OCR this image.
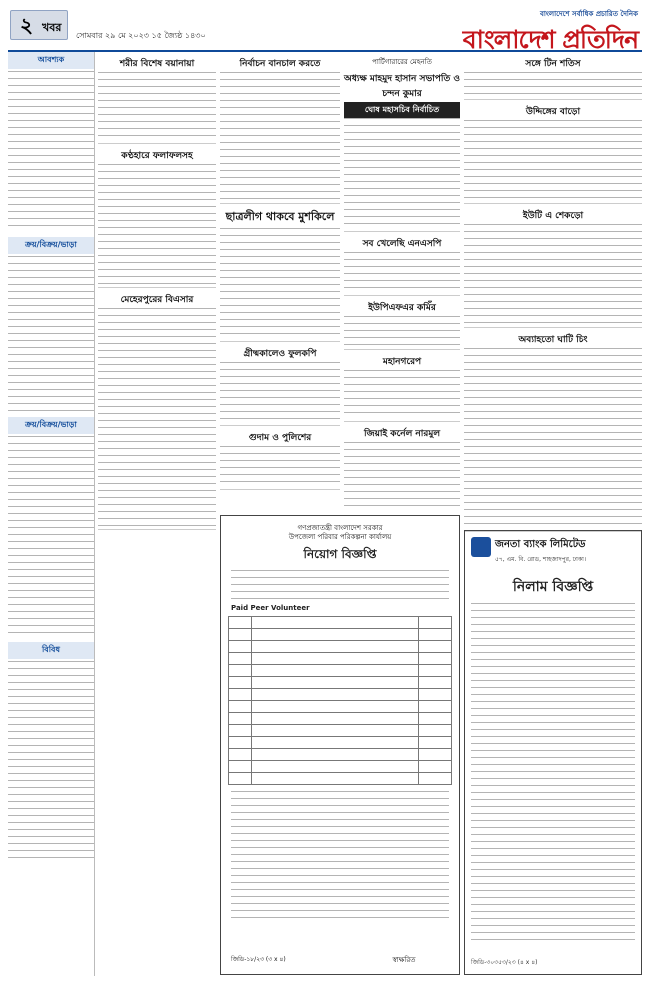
২ খবর
সোমবার ২৯ মে ২০২৩ ১৫ জ্যৈষ্ঠ ১৪৩০
বাংলাদেশে সর্বাধিক প্রচারিত দৈনিক
বাংলাদেশ প্রতিদিন
আবশ্যক
ক্রয়/বিক্রয়/ভাড়া
ক্রয়/বিক্রয়/ভাড়া
বিবিধ
শরীর বিশেষ বয়ানায়া
কণ্ঠহারে ফলাফলসহ
মেহেরপুরের বিএসার
নির্বাচন বানচাল করতে
ছাত্রলীগ থাকবে মুশকিলে
গ্রীষ্মকালেও ফুলকপি
গুদাম ও পুলিশের
পার্টিগারারের মেহনতি
অধ্যক্ষ মাহমুদ হাসান সভাপতি ও চন্দন কুমার
ঘোষ মহাসচিব নির্বাচিত
সব খেলেছি এনএসপি
ইউপিএফএর কমিঁর
মহানগরেপ
জিয়াই কর্নেল নারমুল
সঙ্গে টিন শতিস
উদ্দিঙ্গের বাড়ো
ইউটি এ শেকড়ো
অব্যাহতো ঘাটি চিং
গণপ্রজাতন্ত্রী বাংলাদেশ সরকার
উপজেলা পরিবার পরিকল্পনা কার্যালয়
নিয়োগ বিজ্ঞপ্তি
Paid Peer Volunteer

জিডি-১৮/২৩ (৩ x ৪)	স্বাক্ষরিত
জনতা ব্যাংক লিমিটেড
৫৭, এম. বি. রোড, শাহজাদপুর, ঢাকা।
নিলাম বিজ্ঞপ্তি
জিডি-৩০৩৫৩/২৩ (৪ x ৪)
